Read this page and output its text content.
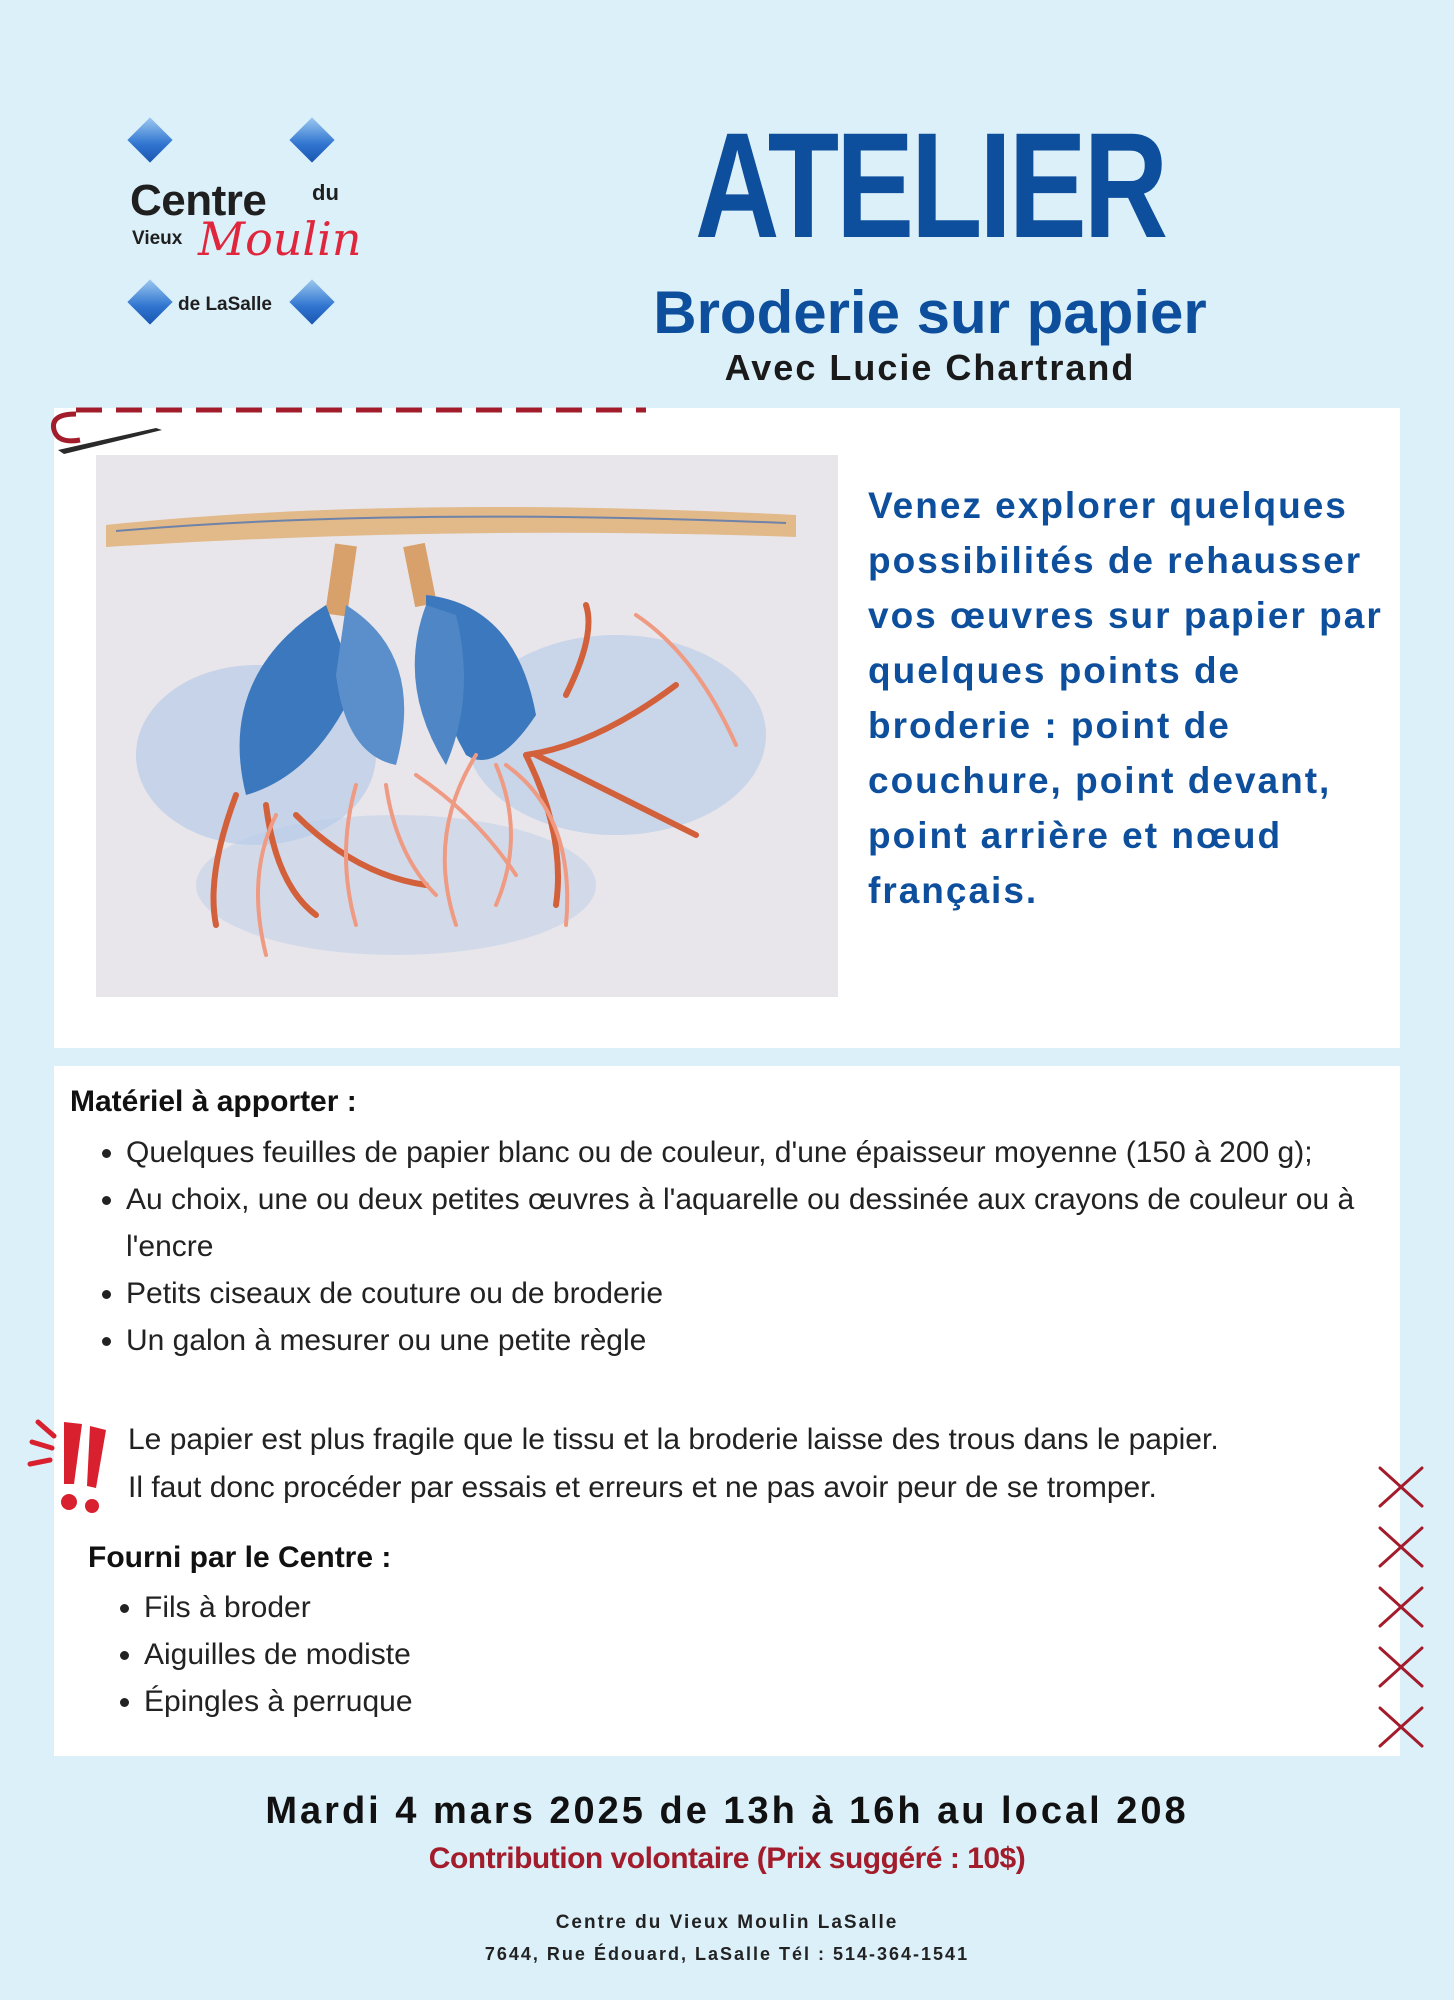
Centre du
Vieux Moulin
de LaSalle
ATELIER
Broderie sur papier
Avec Lucie Chartrand
Venez explorer quelques possibilités de rehausser vos œuvres sur papier par quelques points de broderie : point de couchure, point devant, point arrière et nœud français.
Matériel à apporter :
• Quelques feuilles de papier blanc ou de couleur, d'une épaisseur moyenne (150 à 200 g);
• Au choix, une ou deux petites œuvres à l'aquarelle ou dessinée aux crayons de couleur ou à l'encre
• Petits ciseaux de couture ou de broderie
• Un galon à mesurer ou une petite règle
Le papier est plus fragile que le tissu et la broderie laisse des trous dans le papier.
Il faut donc procéder par essais et erreurs et ne pas avoir peur de se tromper.
Fourni par le Centre :
• Fils à broder
• Aiguilles de modiste
• Épingles à perruque
Mardi 4 mars 2025 de 13h à 16h au local 208
Contribution volontaire (Prix suggéré : 10$)
Centre du Vieux Moulin LaSalle
7644, Rue Édouard, LaSalle Tél : 514-364-1541
